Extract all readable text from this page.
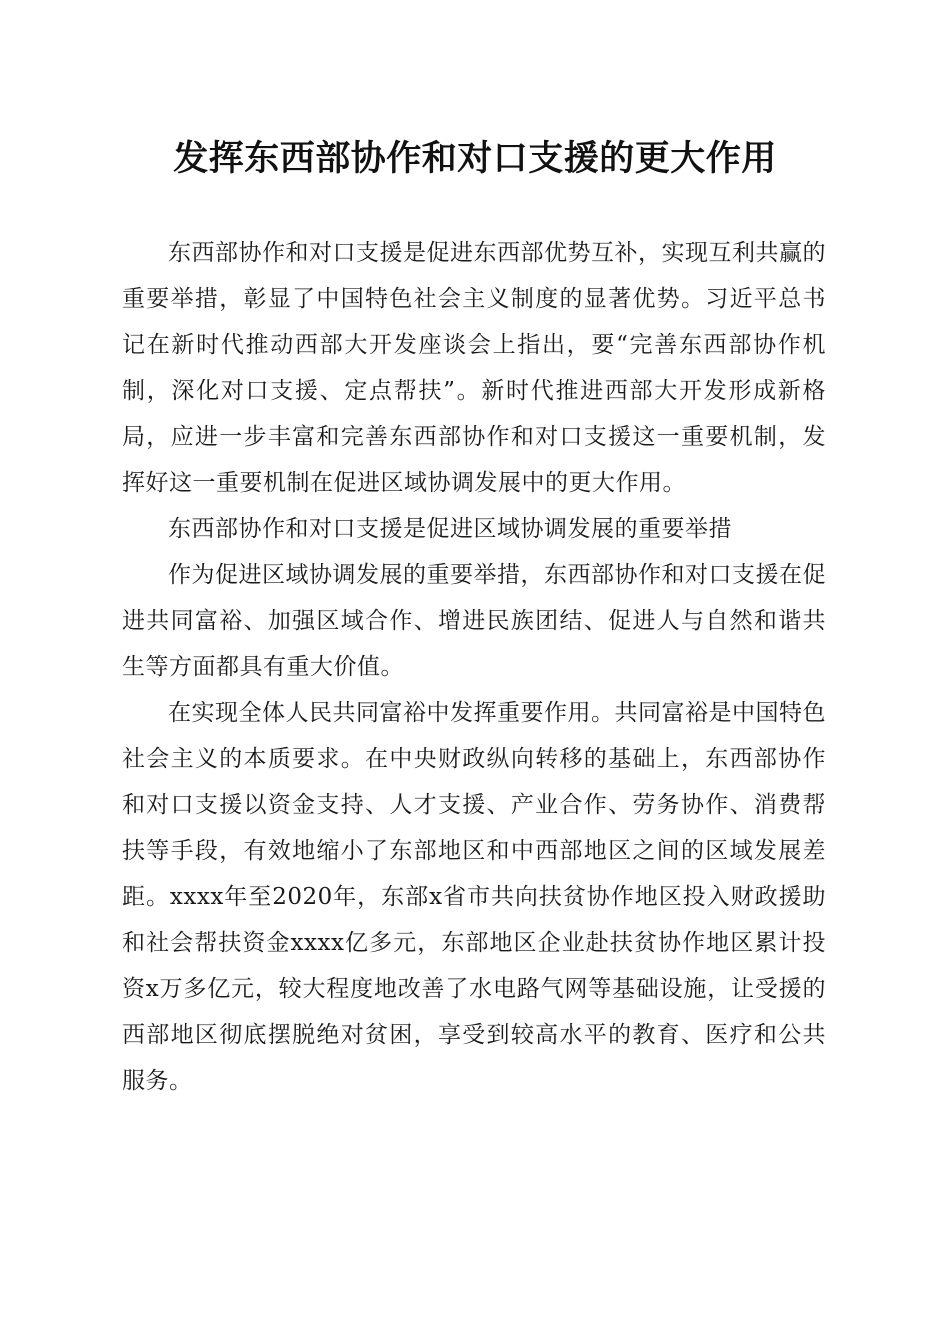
发挥东西部协作和对口支援的更大作用

东西部协作和对口支援是促进东西部优势互补，实现互利共赢的重要举措，彰显了中国特色社会主义制度的显著优势。习近平总书记在新时代推动西部大开发座谈会上指出，要“完善东西部协作机制，深化对口支援、定点帮扶”。新时代推进西部大开发形成新格局，应进一步丰富和完善东西部协作和对口支援这一重要机制，发挥好这一重要机制在促进区域协调发展中的更大作用。

东西部协作和对口支援是促进区域协调发展的重要举措

作为促进区域协调发展的重要举措，东西部协作和对口支援在促进共同富裕、加强区域合作、增进民族团结、促进人与自然和谐共生等方面都具有重大价值。

在实现全体人民共同富裕中发挥重要作用。共同富裕是中国特色社会主义的本质要求。在中央财政纵向转移的基础上，东西部协作和对口支援以资金支持、人才支援、产业合作、劳务协作、消费帮扶等手段，有效地缩小了东部地区和中西部地区之间的区域发展差距。xxxx年至2020年，东部x省市共向扶贫协作地区投入财政援助和社会帮扶资金xxxx亿多元，东部地区企业赴扶贫协作地区累计投资x万多亿元，较大程度地改善了水电路气网等基础设施，让受援的西部地区彻底摆脱绝对贫困，享受到较高水平的教育、医疗和公共服务。
